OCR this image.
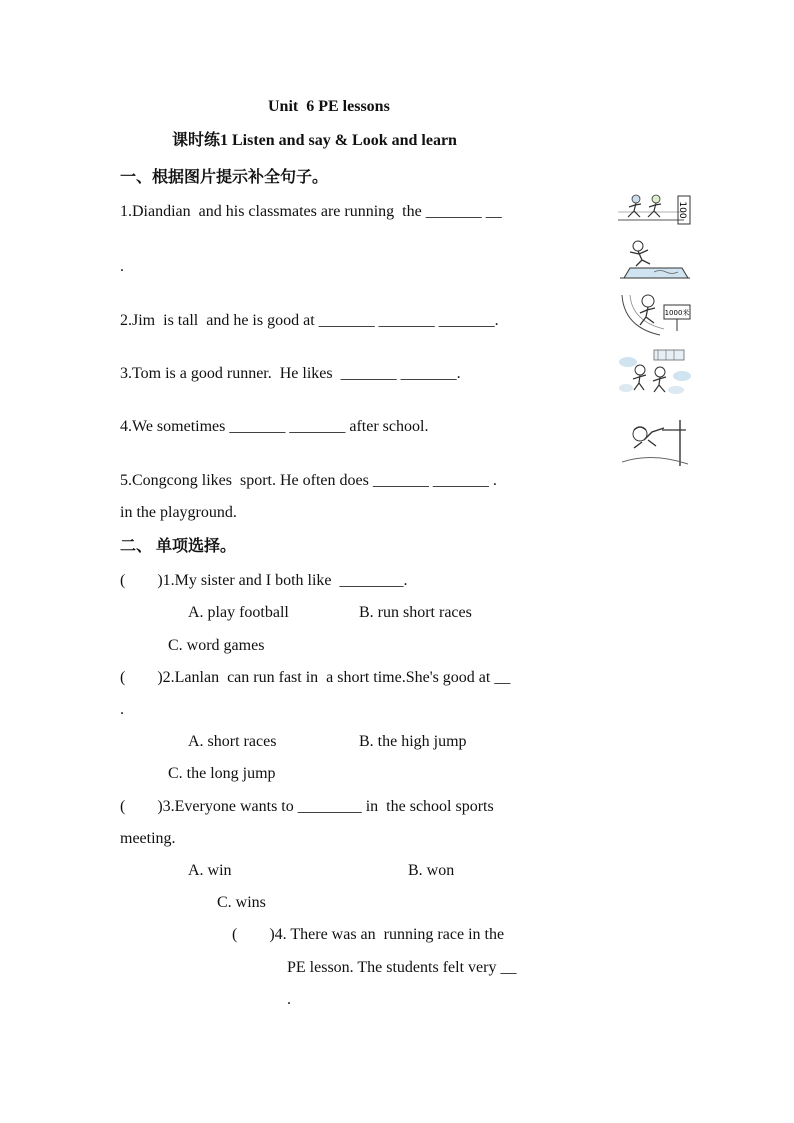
Unit  6 PE lessons
课时练1 Listen and say & Look and learn
一、根据图片提示补全句子。
1.Diandian  and his classmates are running  the _______ __
.
2.Jim  is tall  and he is good at _______ _______ _______.
3.Tom is a good runner.  He likes  _______ _______.
4.We sometimes _______ _______ after school.
5.Congcong likes  sport. He often does _______ _______ .
in the playground.
100
1000米
二、 单项选择。
(        )1.My sister and I both like  ________.
A. play football	B. run short races
C. word games
(        )2.Lanlan  can run fast in  a short time.She's good at __
.
A. short races	B. the high jump
C. the long jump
(        )3.Everyone wants to ________ in  the school sports
meeting.
A. win	B. won
C. wins
(        )4. There was an  running race in the
PE lesson. The students felt very __
.
